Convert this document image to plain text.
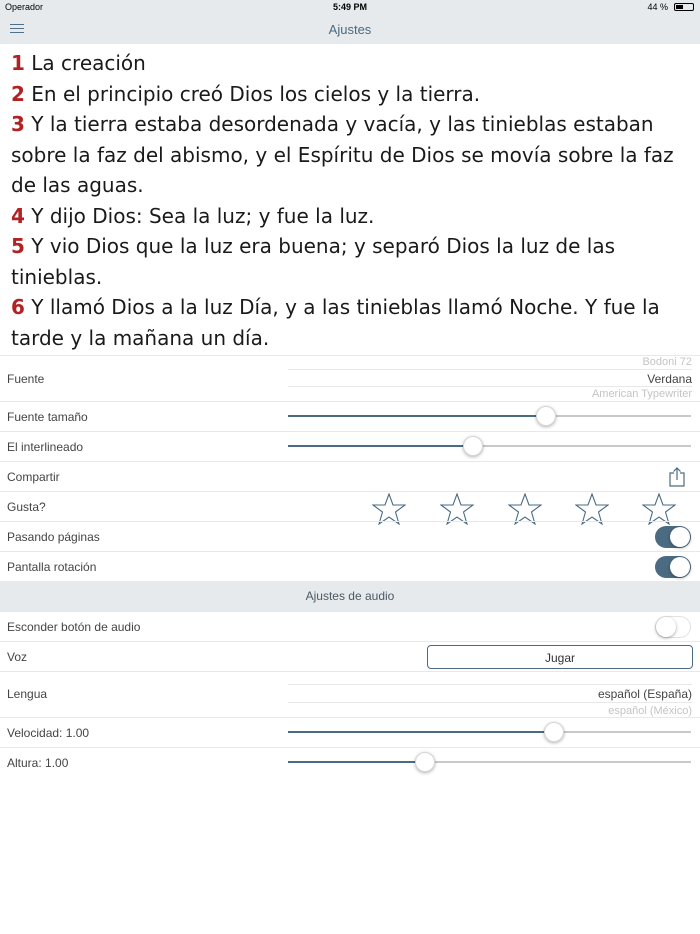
Operador	5:49 PM	44 %
Ajustes
1 La creación
2 En el principio creó Dios los cielos y la tierra.
3 Y la tierra estaba desordenada y vacía, y las tinieblas estaban sobre la faz del abismo, y el Espíritu de Dios se movía sobre la faz de las aguas.
4 Y dijo Dios: Sea la luz; y fue la luz.
5 Y vio Dios que la luz era buena; y separó Dios la luz de las tinieblas.
6 Y llamó Dios a la luz Día, y a las tinieblas llamó Noche. Y fue la tarde y la mañana un día.
Fuente
Bodoni 72
Verdana
American Typewriter
Fuente tamaño
El interlineado
Compartir
Gusta?
Pasando páginas
Pantalla rotación
Ajustes de audio
Esconder botón de audio
Voz	Jugar
Lengua	español (España)
español (México)
Velocidad: 1.00
Altura: 1.00
